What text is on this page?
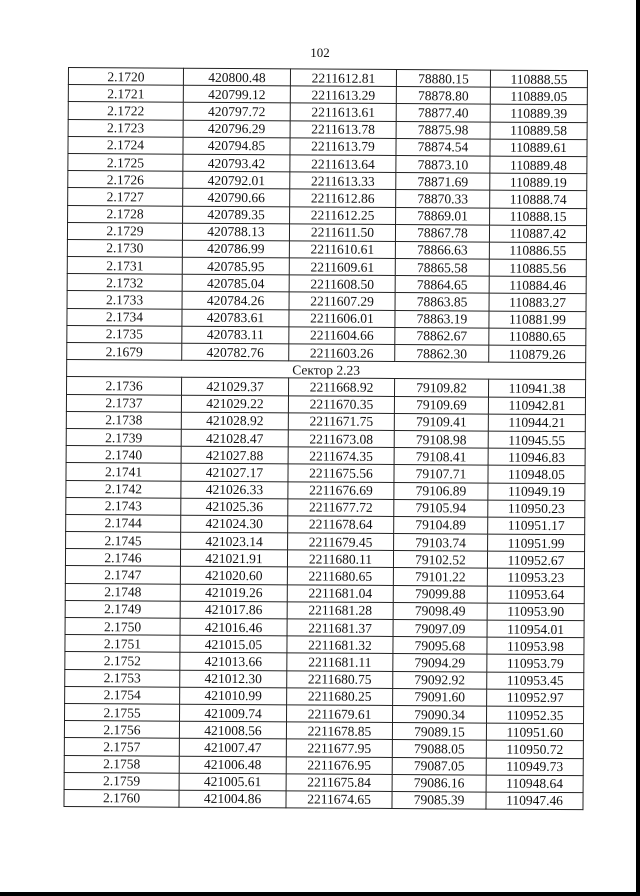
102
2.1720	420800.48	2211612.81	78880.15	110888.55
2.1721	420799.12	2211613.29	78878.80	110889.05
2.1722	420797.72	2211613.61	78877.40	110889.39
2.1723	420796.29	2211613.78	78875.98	110889.58
2.1724	420794.85	2211613.79	78874.54	110889.61
2.1725	420793.42	2211613.64	78873.10	110889.48
2.1726	420792.01	2211613.33	78871.69	110889.19
2.1727	420790.66	2211612.86	78870.33	110888.74
2.1728	420789.35	2211612.25	78869.01	110888.15
2.1729	420788.13	2211611.50	78867.78	110887.42
2.1730	420786.99	2211610.61	78866.63	110886.55
2.1731	420785.95	2211609.61	78865.58	110885.56
2.1732	420785.04	2211608.50	78864.65	110884.46
2.1733	420784.26	2211607.29	78863.85	110883.27
2.1734	420783.61	2211606.01	78863.19	110881.99
2.1735	420783.11	2211604.66	78862.67	110880.65
2.1679	420782.76	2211603.26	78862.30	110879.26
Сектор 2.23				
2.1736	421029.37	2211668.92	79109.82	110941.38
2.1737	421029.22	2211670.35	79109.69	110942.81
2.1738	421028.92	2211671.75	79109.41	110944.21
2.1739	421028.47	2211673.08	79108.98	110945.55
2.1740	421027.88	2211674.35	79108.41	110946.83
2.1741	421027.17	2211675.56	79107.71	110948.05
2.1742	421026.33	2211676.69	79106.89	110949.19
2.1743	421025.36	2211677.72	79105.94	110950.23
2.1744	421024.30	2211678.64	79104.89	110951.17
2.1745	421023.14	2211679.45	79103.74	110951.99
2.1746	421021.91	2211680.11	79102.52	110952.67
2.1747	421020.60	2211680.65	79101.22	110953.23
2.1748	421019.26	2211681.04	79099.88	110953.64
2.1749	421017.86	2211681.28	79098.49	110953.90
2.1750	421016.46	2211681.37	79097.09	110954.01
2.1751	421015.05	2211681.32	79095.68	110953.98
2.1752	421013.66	2211681.11	79094.29	110953.79
2.1753	421012.30	2211680.75	79092.92	110953.45
2.1754	421010.99	2211680.25	79091.60	110952.97
2.1755	421009.74	2211679.61	79090.34	110952.35
2.1756	421008.56	2211678.85	79089.15	110951.60
2.1757	421007.47	2211677.95	79088.05	110950.72
2.1758	421006.48	2211676.95	79087.05	110949.73
2.1759	421005.61	2211675.84	79086.16	110948.64
2.1760	421004.86	2211674.65	79085.39	110947.46
